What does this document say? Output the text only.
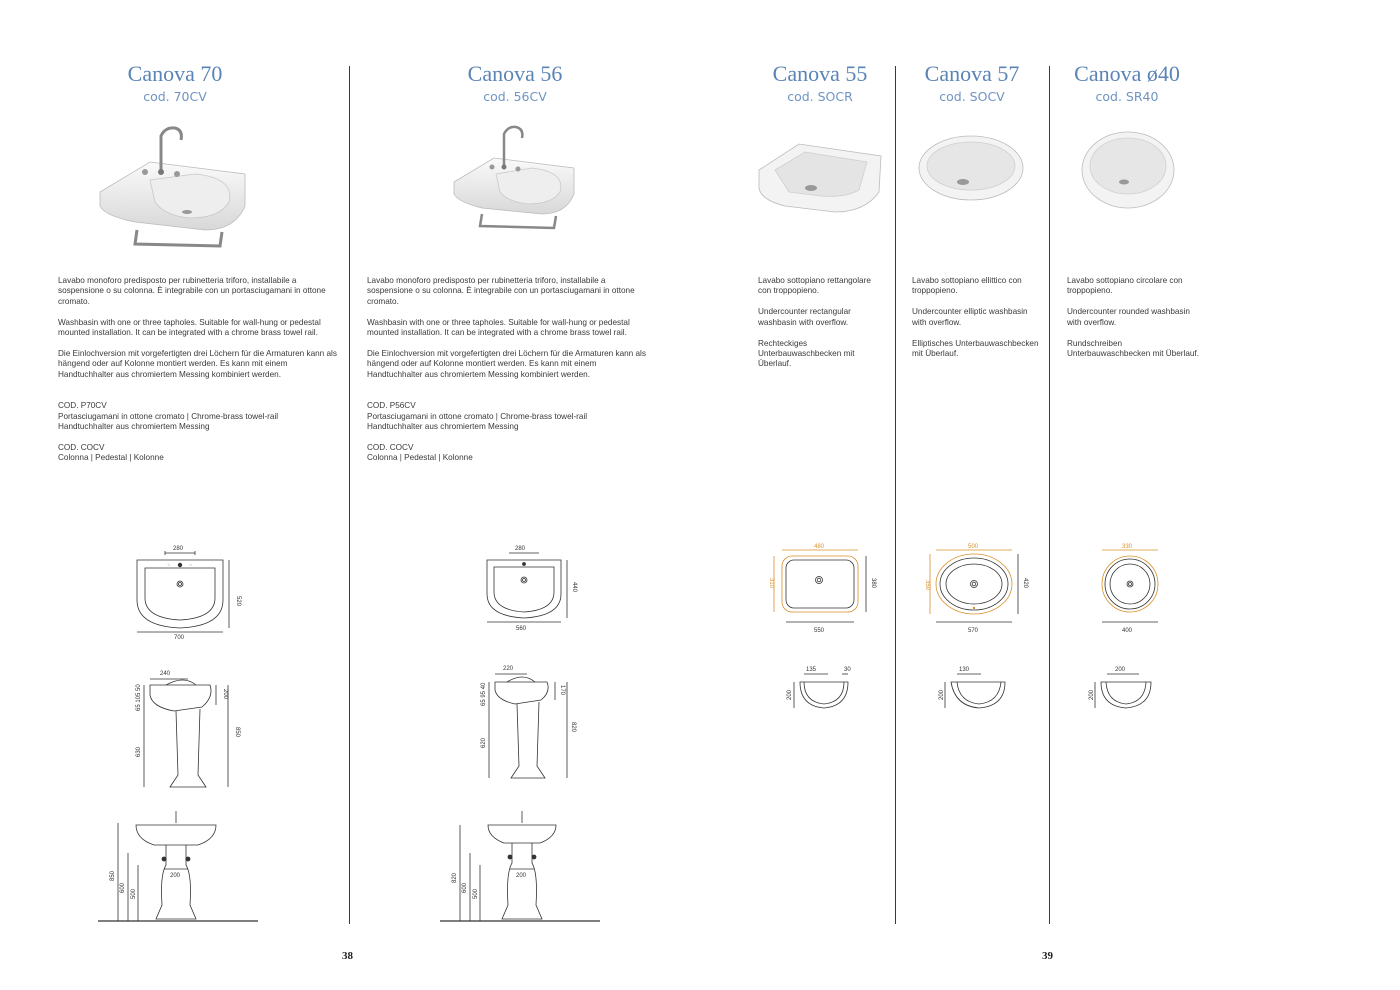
Canova 70
cod. 70CV
Canova 56
cod. 56CV
Canova 55
cod. SOCR
Canova 57
cod. SOCV
Canova ø40
cod. SR40

Lavabo monoforo predisposto per rubinetteria triforo, installabile a sospensione o su colonna. È integrabile con un portasciugamani in ottone cromato.

Washbasin with one or three tapholes. Suitable for wall-hung or pedestal mounted installation. It can be integrated with a chrome brass towel rail.

Die Einlochversion mit vorgefertigten drei Löchern für die Armaturen kann als hängend oder auf Kolonne montiert werden. Es kann mit einem Handtuchhalter aus chromiertem Messing kombiniert werden.

COD. P70CV
Portasciugamani in ottone cromato | Chrome-brass towel-rail
Handtuchhalter aus chromiertem Messing
COD. COCV
Colonna | Pedestal | Kolonne

Lavabo monoforo predisposto per rubinetteria triforo, installabile a sospensione o su colonna. È integrabile con un portasciugamani in ottone cromato.

Washbasin with one or three tapholes. Suitable for wall-hung or pedestal mounted installation. It can be integrated with a chrome brass towel rail.

Die Einlochversion mit vorgefertigten drei Löchern für die Armaturen kann als hängend oder auf Kolonne montiert werden. Es kann mit einem Handtuchhalter aus chromiertem Messing kombiniert werden.

COD. P56CV
Portasciugamani in ottone cromato | Chrome-brass towel-rail
Handtuchhalter aus chromiertem Messing
COD. COCV
Colonna | Pedestal | Kolonne

Lavabo sottopiano rettangolare con troppopieno.

Undercounter rectangular washbasin with overflow.

Rechteckiges Unterbauwaschbecken mit Überlauf.

Lavabo sottopiano ellittico con troppopieno.

Undercounter elliptic washbasin with overflow.

Elliptisches Unterbauwaschbecken mit Überlauf.

Lavabo sottopiano circolare con troppopieno.

Undercounter rounded washbasin with overflow.

Rundschreiben Unterbauwaschbecken mit Überlauf.

☆	☆
280
520
700
240
200
850
65 105 50
630
850
600
500
200
280
440
560
220
170
820
65 95 40
620
820
600
500
200
480
310	380
550
135	30
200
500
350	420
570
130
200
330
400
200
200
38	39
